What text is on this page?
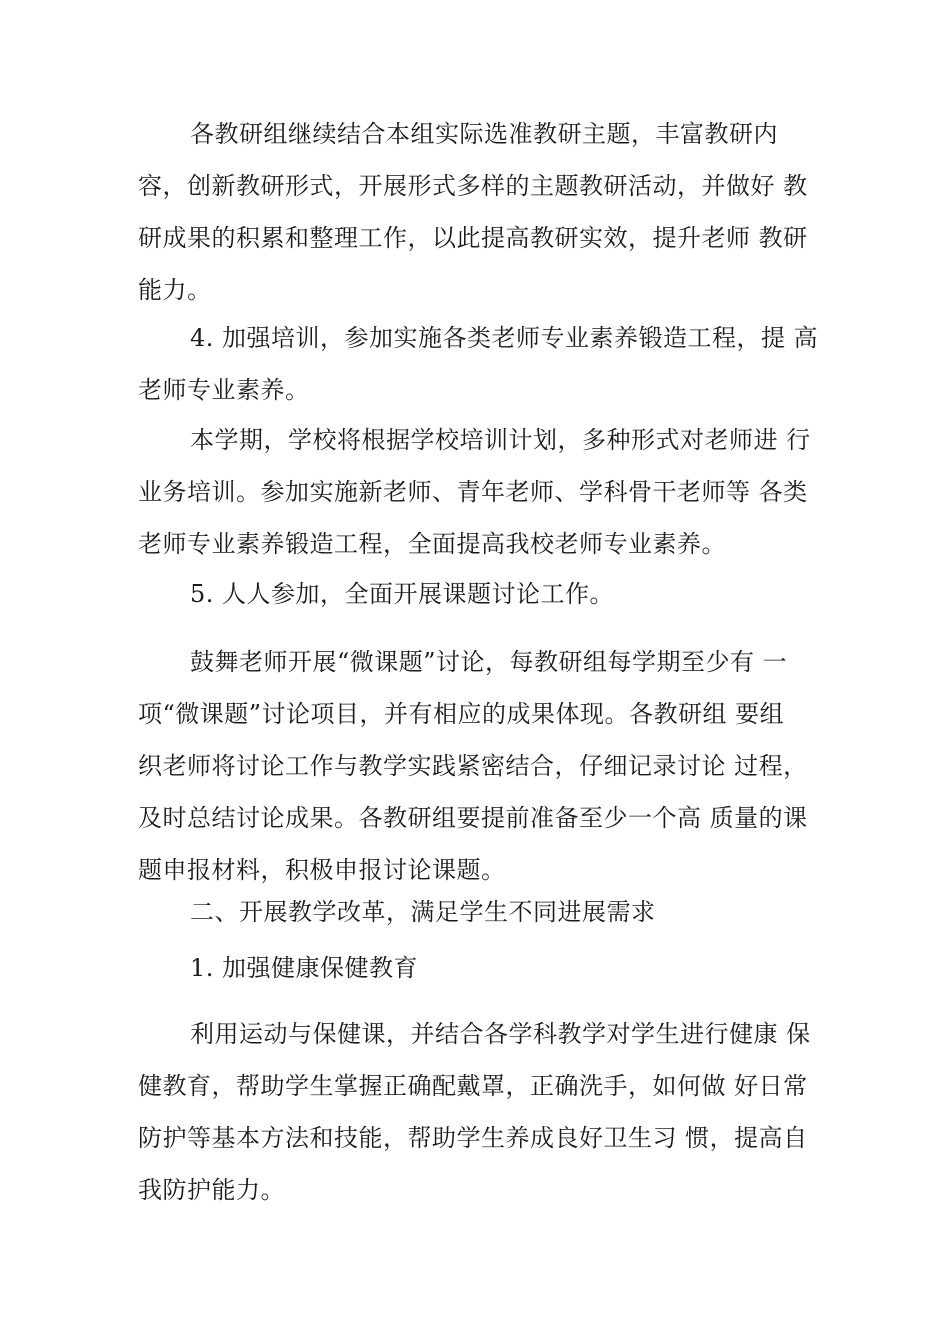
各教研组继续结合本组实际选准教研主题，丰富教研内
容，创新教研形式，开展形式多样的主题教研活动，并做好 教
研成果的积累和整理工作，以此提高教研实效，提升老师 教研
能力。
4. 加强培训，参加实施各类老师专业素养锻造工程，提 高
老师专业素养。
本学期，学校将根据学校培训计划，多种形式对老师进 行
业务培训。参加实施新老师、青年老师、学科骨干老师等 各类
老师专业素养锻造工程，全面提高我校老师专业素养。
5. 人人参加，全面开展课题讨论工作。
鼓舞老师开展“微课题”讨论，每教研组每学期至少有 一
项“微课题”讨论项目，并有相应的成果体现。各教研组 要组
织老师将讨论工作与教学实践紧密结合，仔细记录讨论 过程，
及时总结讨论成果。各教研组要提前准备至少一个高 质量的课
题申报材料，积极申报讨论课题。
二、开展教学改革，满足学生不同进展需求
1. 加强健康保健教育
利用运动与保健课，并结合各学科教学对学生进行健康 保
健教育，帮助学生掌握正确配戴罩，正确洗手，如何做 好日常
防护等基本方法和技能，帮助学生养成良好卫生习 惯，提高自
我防护能力。
